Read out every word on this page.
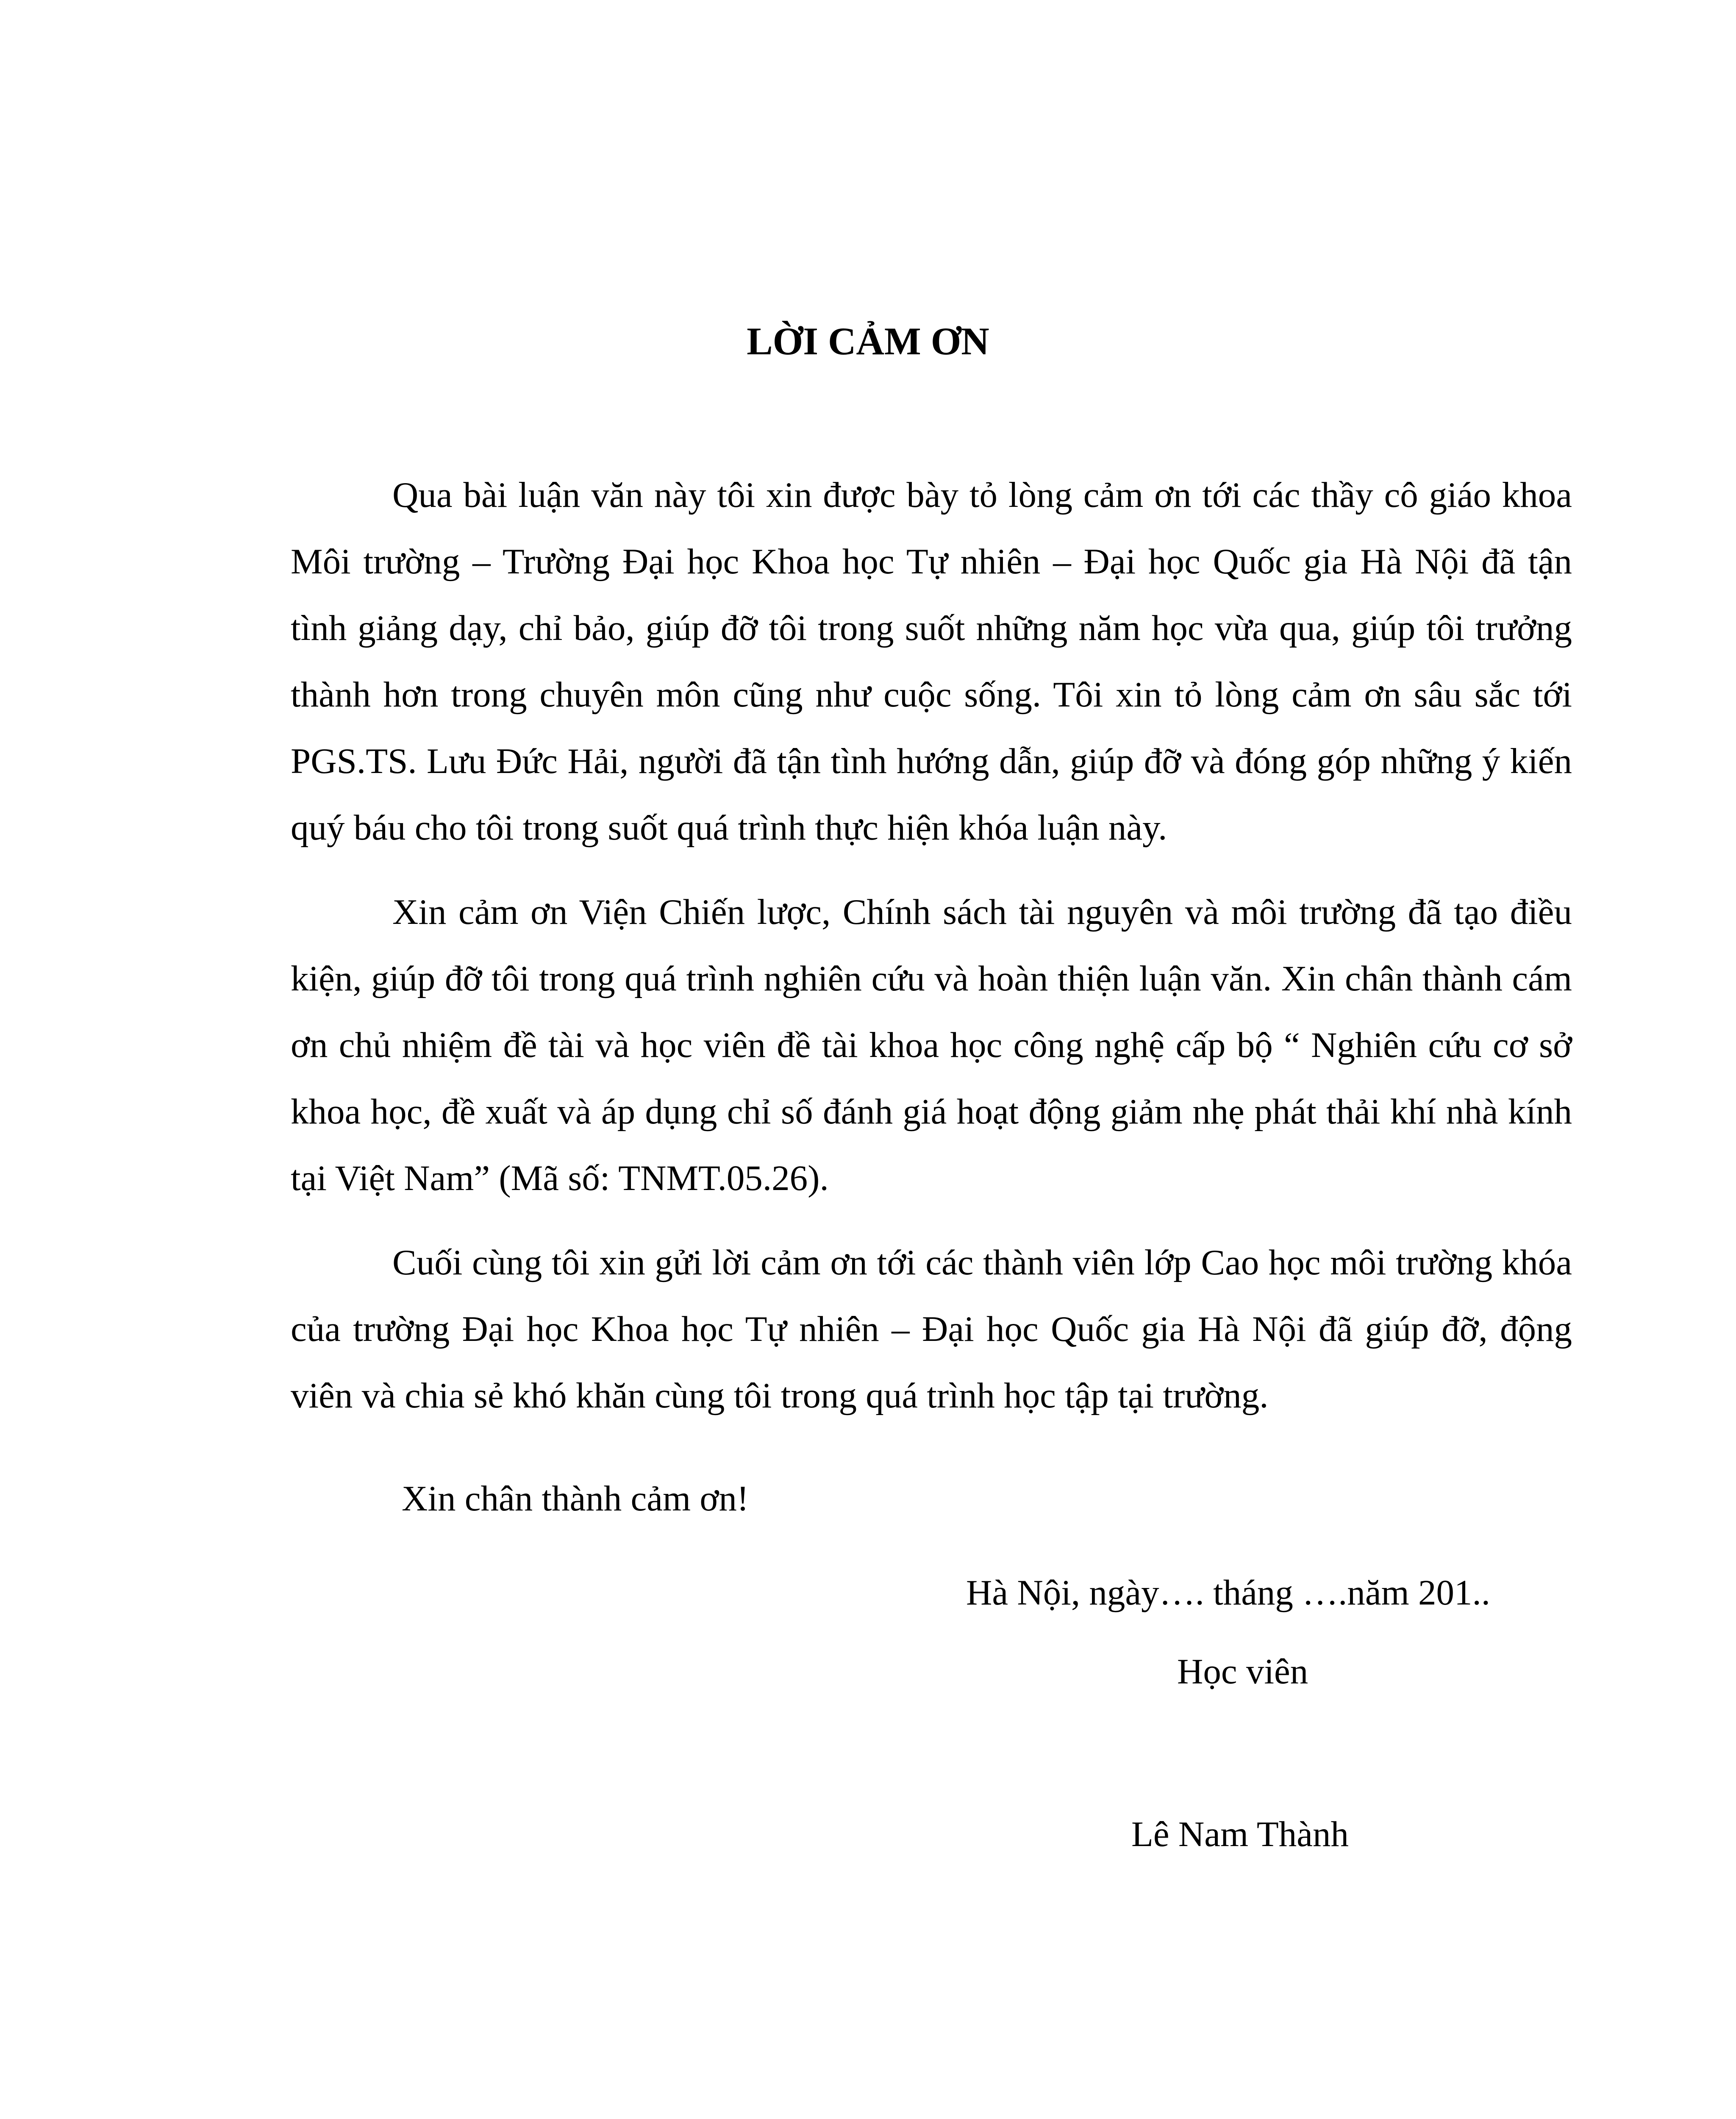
LỜI CẢM ƠN

Qua bài luận văn này tôi xin được bày tỏ lòng cảm ơn tới các thầy cô giáo khoa Môi trường – Trường Đại học Khoa học Tự nhiên – Đại học Quốc gia Hà Nội đã tận tình giảng dạy, chỉ bảo, giúp đỡ tôi trong suốt những năm học vừa qua, giúp tôi trưởng thành hơn trong chuyên môn cũng như cuộc sống. Tôi xin tỏ lòng cảm ơn sâu sắc tới PGS.TS. Lưu Đức Hải, người đã tận tình hướng dẫn, giúp đỡ và đóng góp những ý kiến quý báu cho tôi trong suốt quá trình thực hiện khóa luận này.

Xin cảm ơn Viện Chiến lược, Chính sách tài nguyên và môi trường đã tạo điều kiện, giúp đỡ tôi trong quá trình nghiên cứu và hoàn thiện luận văn. Xin chân thành cám ơn chủ nhiệm đề tài và học viên đề tài khoa học công nghệ cấp bộ “ Nghiên cứu cơ sở khoa học, đề xuất và áp dụng chỉ số đánh giá hoạt động giảm nhẹ phát thải khí nhà kính tại Việt Nam” (Mã số: TNMT.05.26).

Cuối cùng tôi xin gửi lời cảm ơn tới các thành viên lớp Cao học môi trường khóa của trường Đại học Khoa học Tự nhiên – Đại học Quốc gia Hà Nội đã giúp đỡ, động viên và chia sẻ khó khăn cùng tôi trong quá trình học tập tại trường.

Xin chân thành cảm ơn!

Hà Nội, ngày…. tháng ….năm 201..

Học viên

Lê Nam Thành
